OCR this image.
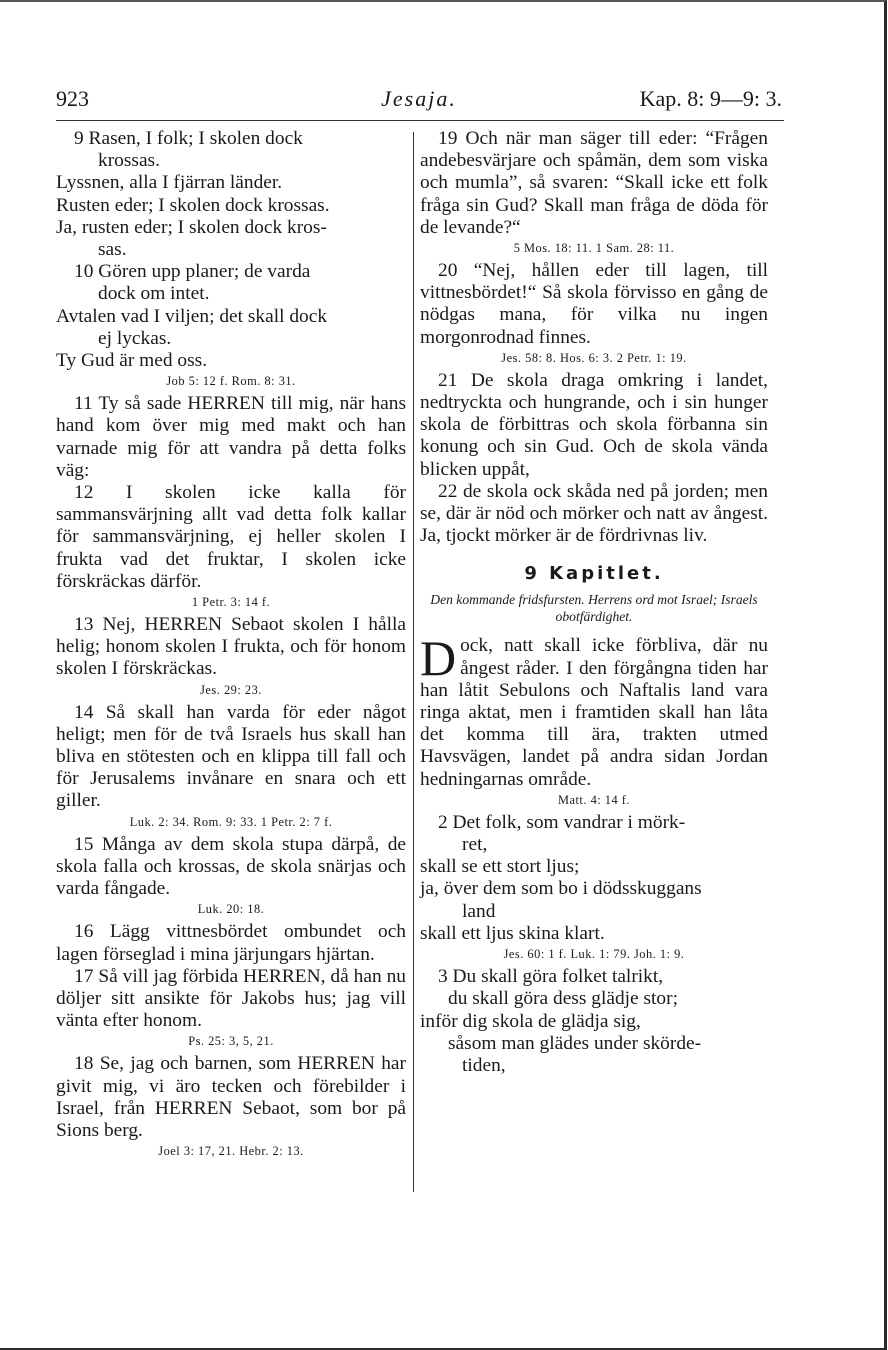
923	Jesaja.	Kap. 8: 9—9: 3.

9 Rasen, I folk; I skolen dock

krossas.

Lyssnen, alla I fjärran länder.

Rusten eder; I skolen dock krossas.

Ja, rusten eder; I skolen dock kros-

sas.

10 Gören upp planer; de varda

dock om intet.

Avtalen vad I viljen; det skall dock

ej lyckas.

Ty Gud är med oss.

Job 5: 12 f. Rom. 8: 31.

11 Ty så sade HERREN till mig, när hans hand kom över mig med makt och han varnade mig för att vandra på detta folks väg:

12 I skolen icke kalla för sammansvärjning allt vad detta folk kallar för sammansvärjning, ej heller skolen I frukta vad det fruktar, I skolen icke förskräckas därför.

1 Petr. 3: 14 f.

13 Nej, HERREN Sebaot skolen I hålla helig; honom skolen I frukta, och för honom skolen I förskräckas.

Jes. 29: 23.

14 Så skall han varda för eder något heligt; men för de två Israels hus skall han bliva en stötesten och en klippa till fall och för Jerusalems invånare en snara och ett giller.

Luk. 2: 34. Rom. 9: 33. 1 Petr. 2: 7 f.

15 Många av dem skola stupa därpå, de skola falla och krossas, de skola snärjas och varda fångade.

Luk. 20: 18.

16 Lägg vittnesbördet ombundet och lagen förseglad i mina järjungars hjärtan.

17 Så vill jag förbida HERREN, då han nu döljer sitt ansikte för Jakobs hus; jag vill vänta efter honom.

Ps. 25: 3, 5, 21.

18 Se, jag och barnen, som HERREN har givit mig, vi äro tecken och förebilder i Israel, från HERREN Sebaot, som bor på Sions berg.

Joel 3: 17, 21. Hebr. 2: 13.

19 Och när man säger till eder: “Frågen andebesvärjare och spåmän, dem som viska och mumla”, så svaren: “Skall icke ett folk fråga sin Gud? Skall man fråga de döda för de levande?“

5 Mos. 18: 11. 1 Sam. 28: 11.

20 “Nej, hållen eder till lagen, till vittnesbördet!“ Så skola förvisso en gång de nödgas mana, för vilka nu ingen morgonrodnad finnes.

Jes. 58: 8. Hos. 6: 3. 2 Petr. 1: 19.

21 De skola draga omkring i landet, nedtryckta och hungrande, och i sin hunger skola de förbittras och skola förbanna sin konung och sin Gud. Och de skola vända blicken uppåt,

22 de skola ock skåda ned på jorden; men se, där är nöd och mörker och natt av ångest. Ja, tjockt mörker är de fördrivnas liv.

9 Kapitlet.

Den kommande fridsfursten. Herrens ord mot Israel; Israels obotfärdighet.

Dock, natt skall icke förbliva, där nu ångest råder. I den förgångna tiden har han låtit Sebulons och Naftalis land vara ringa aktat, men i framtiden skall han låta det komma till ära, trakten utmed Havsvägen, landet på andra sidan Jordan hedningarnas område.

Matt. 4: 14 f.

2 Det folk, som vandrar i mörk-

ret,

skall se ett stort ljus;

ja, över dem som bo i dödsskuggans

land

skall ett ljus skina klart.

Jes. 60: 1 f. Luk. 1: 79. Joh. 1: 9.

3 Du skall göra folket talrikt,

du skall göra dess glädje stor;

inför dig skola de glädja sig,

såsom man glädes under skörde-

tiden,
